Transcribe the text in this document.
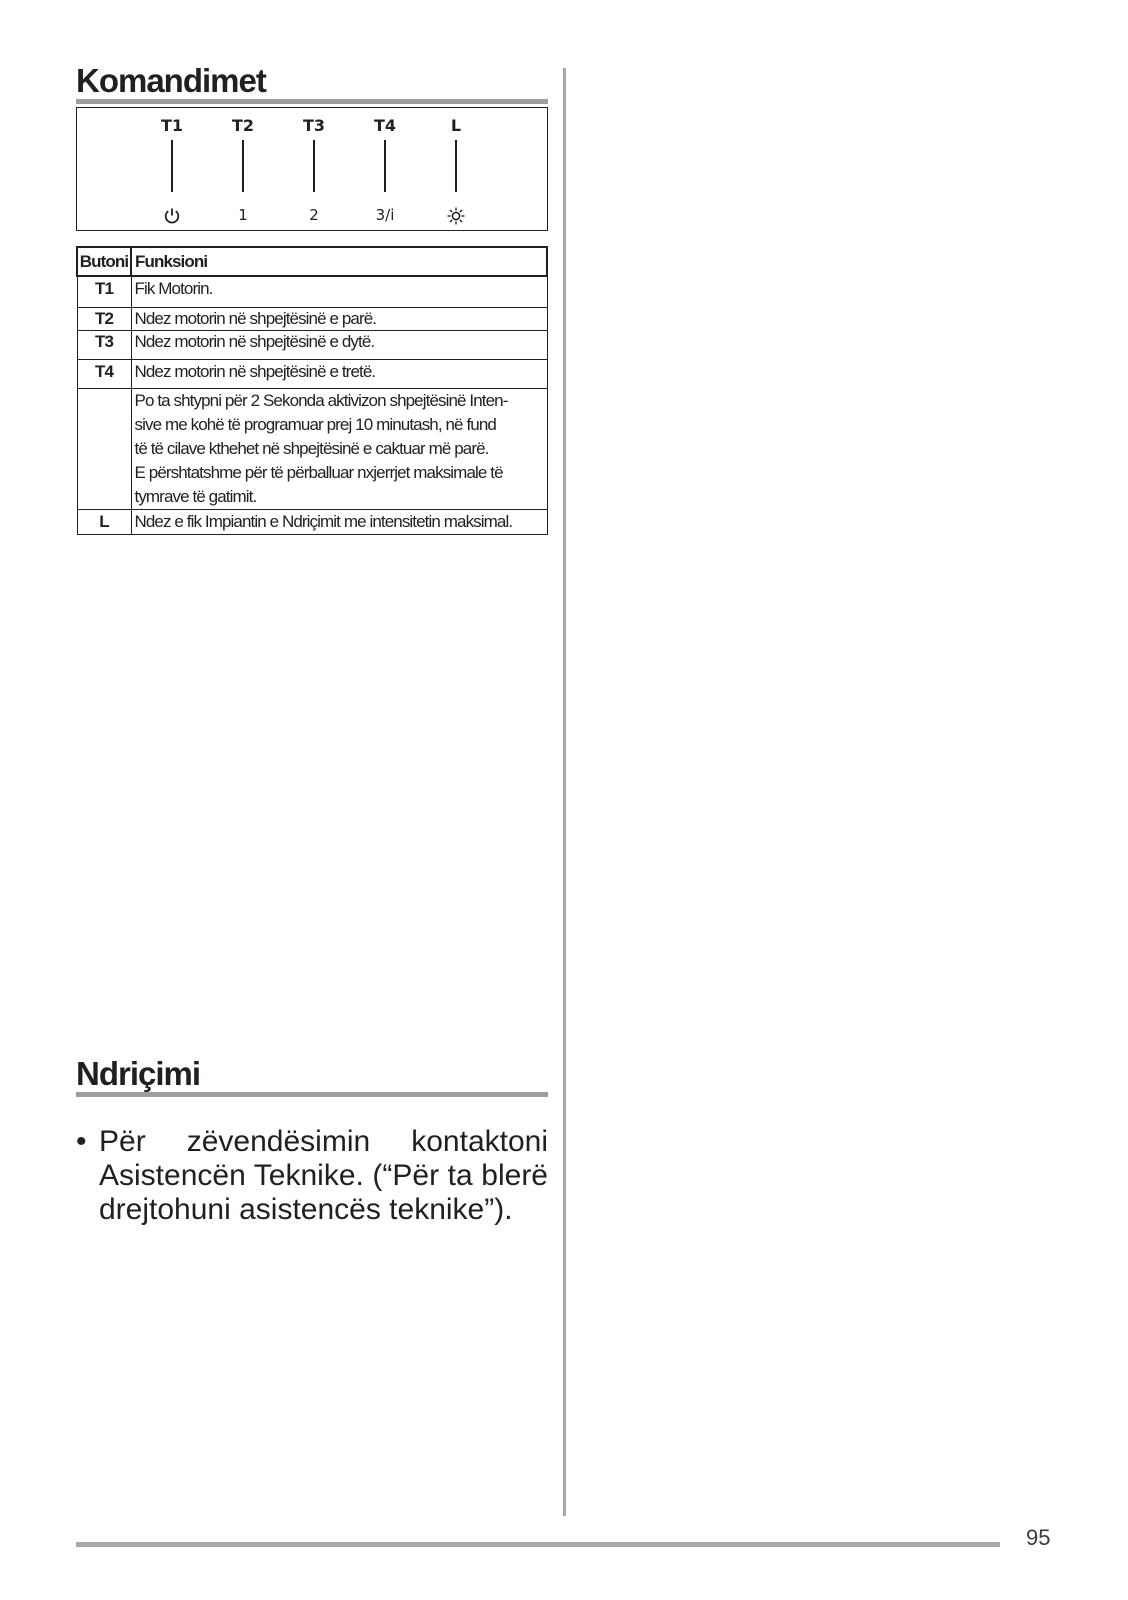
Komandimet
T1	T2
1
T3
2
T4
3/i
L
Butoni	Funksioni
T1	Fik Motorin.
T2	Ndez motorin në shpejtësinë e parë.
T3	Ndez motorin në shpejtësinë e dytë.
T4	Ndez motorin në shpejtësinë e tretë.

	Po ta shtypni për 2 Sekonda aktivizon shpejtësinë Inten-
sive me kohë të programuar prej 10 minutash, në fund
të të cilave kthehet në shpejtësinë e caktuar më parë.
E përshtatshme për të përballuar nxjerrjet maksimale të
tymrave të gatimit.

L	Ndez e fik Impiantin e Ndriçimit me intensitetin maksimal.
Ndriçimi
• Për zëvendësimin kontaktoni Asistencën Teknike. (“Për ta blerë drejtohuni asistencës teknike”).
95
